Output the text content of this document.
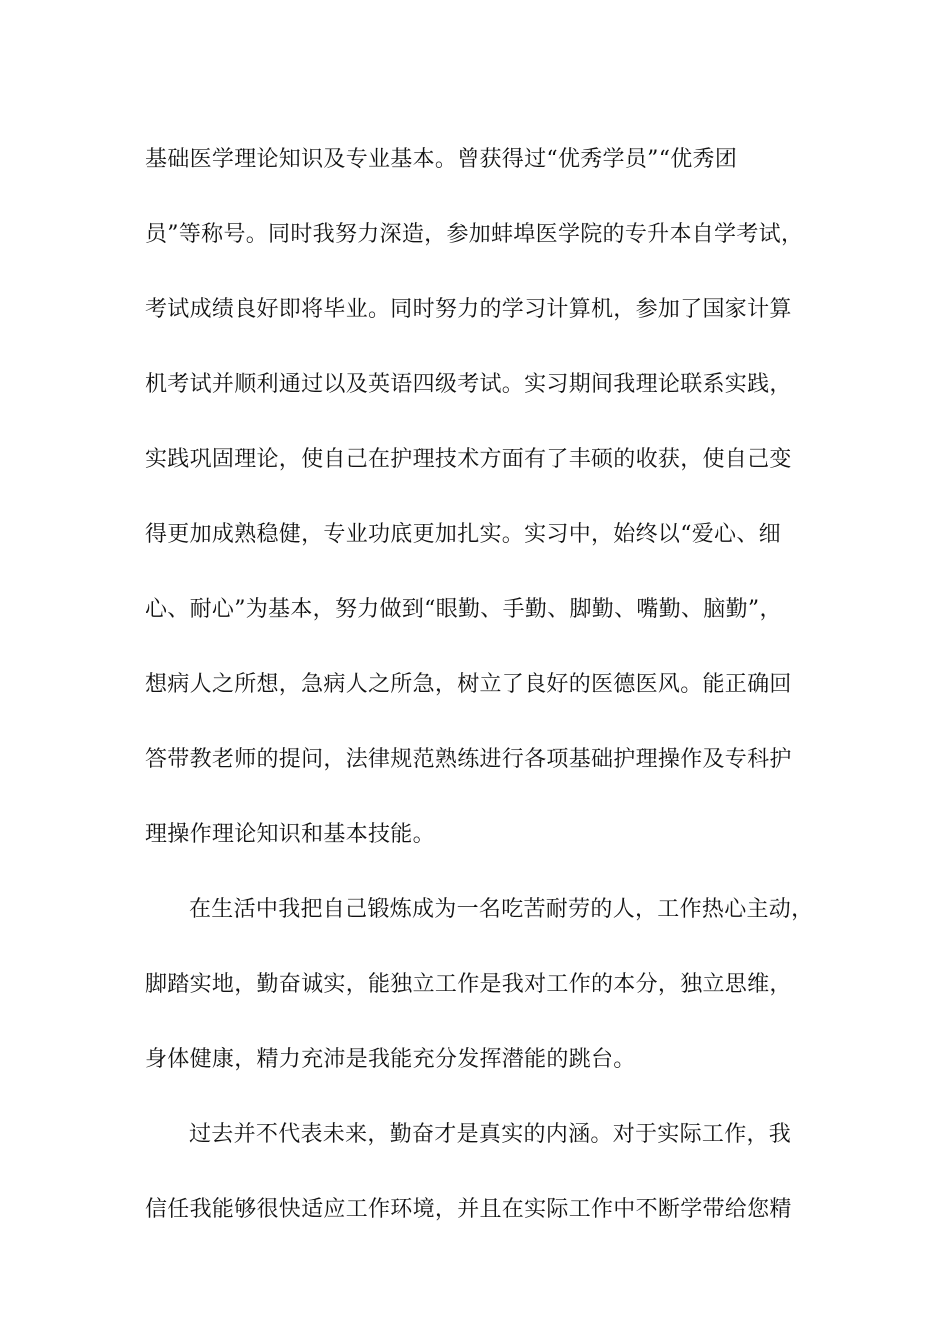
基础医学理论知识及专业基本。曾获得过“优秀学员”“优秀团
员”等称号。同时我努力深造，参加蚌埠医学院的专升本自学考试，
考试成绩良好即将毕业。同时努力的学习计算机，参加了国家计算
机考试并顺利通过以及英语四级考试。实习期间我理论联系实践，
实践巩固理论，使自己在护理技术方面有了丰硕的收获，使自己变
得更加成熟稳健，专业功底更加扎实。实习中，始终以“爱心、细
心、耐心”为基本，努力做到“眼勤、手勤、脚勤、嘴勤、脑勤”，
想病人之所想，急病人之所急，树立了良好的医德医风。能正确回
答带教老师的提问，法律规范熟练进行各项基础护理操作及专科护
理操作理论知识和基本技能。
在生活中我把自己锻炼成为一名吃苦耐劳的人，工作热心主动，
脚踏实地，勤奋诚实，能独立工作是我对工作的本分，独立思维，
身体健康，精力充沛是我能充分发挥潜能的跳台。
过去并不代表未来，勤奋才是真实的内涵。对于实际工作，我
信任我能够很快适应工作环境，并且在实际工作中不断学带给您精
